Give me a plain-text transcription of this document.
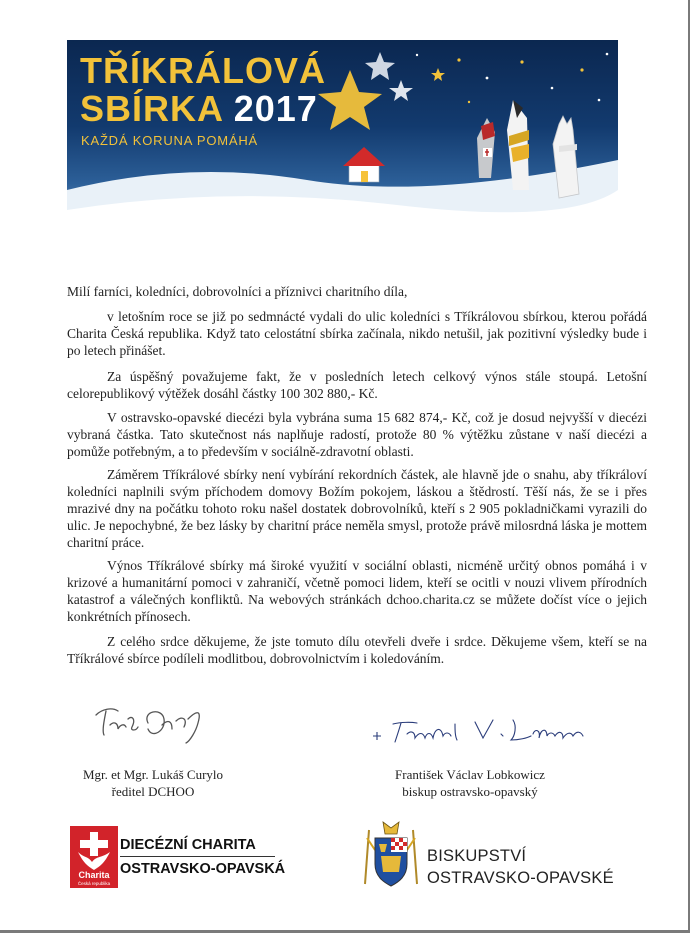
TŘÍKRÁLOVÁ
SBÍRKA 2017
KAŽDÁ KORUNA POMÁHÁ
Milí farníci, koledníci, dobrovolníci a příznivci charitního díla,

v letošním roce se již po sedmnácté vydali do ulic koledníci s Tříkrálovou sbírkou, kterou pořádá Charita Česká republika. Když tato celostátní sbírka začínala, nikdo netušil, jak pozitivní výsledky bude i po letech přinášet.

Za úspěšný považujeme fakt, že v posledních letech celkový výnos stále stoupá. Letošní celorepublikový výtěžek dosáhl částky 100 302 880,- Kč.

V ostravsko-opavské diecézi byla vybrána suma 15 682 874,- Kč, což je dosud nejvyšší v diecézi vybraná částka. Tato skutečnost nás naplňuje radostí, protože 80 % výtěžku zůstane v naší diecézi a pomůže potřebným, a to především v sociálně-zdravotní oblasti.

Záměrem Tříkrálové sbírky není vybírání rekordních částek, ale hlavně jde o snahu, aby tříkráloví koledníci naplnili svým příchodem domovy Božím pokojem, láskou a štědrostí. Těší nás, že se i přes mrazivé dny na počátku tohoto roku našel dostatek dobrovolníků, kteří s 2 905 pokladničkami vyrazili do ulic. Je nepochybné, že bez lásky by charitní práce neměla smysl, protože právě milosrdná láska je mottem charitní práce.

Výnos Tříkrálové sbírky má široké využití v sociální oblasti, nicméně určitý obnos pomáhá i v krizové a humanitární pomoci v zahraničí, včetně pomoci lidem, kteří se ocitli v nouzi vlivem přírodních katastrof a válečných konfliktů. Na webových stránkách dchoo.charita.cz se můžete dočíst více o jejich konkrétních přínosech.

Z celého srdce děkujeme, že jste tomuto dílu otevřeli dveře i srdce. Děkujeme všem, kteří se na Tříkrálové sbírce podíleli modlitbou, dobrovolnictvím i koledováním.

Mgr. et Mgr. Lukáš Curylo
ředitel DCHOO
František Václav Lobkowicz
biskup ostravsko-opavský
Charita
Česká republika
DIECÉZNÍ CHARITA
OSTRAVSKO-OPAVSKÁ
BISKUPSTVÍ
OSTRAVSKO-OPAVSKÉ
